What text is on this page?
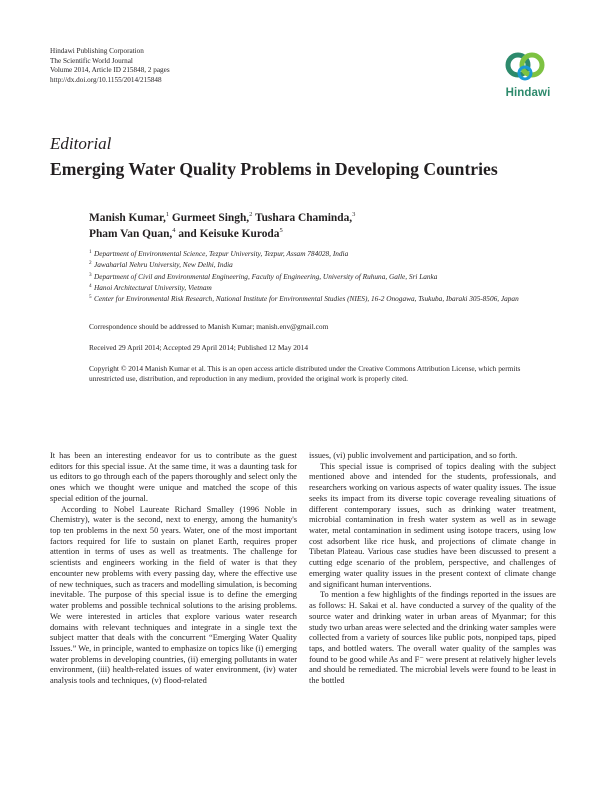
Hindawi Publishing Corporation
The Scientific World Journal
Volume 2014, Article ID 215848, 2 pages
http://dx.doi.org/10.1155/2014/215848
Hindawi
Editorial
Emerging Water Quality Problems in Developing Countries
Manish Kumar,$^1$ Gurmeet Singh,$^2$ Tushara Chaminda,$^3$
Pham Van Quan,$^4$ and Keisuke Kuroda$^5$
1 Department of Environmental Science, Tezpur University, Tezpur, Assam 784028, India
2 Jawaharlal Nehru University, New Delhi, India
3 Department of Civil and Environmental Engineering, Faculty of Engineering, University of Ruhuna, Galle, Sri Lanka
4 Hanoi Architectural University, Vietnam
5 Center for Environmental Risk Research, National Institute for Environmental Studies (NIES), 16-2 Onogawa, Tsukuba, Ibaraki 305-8506, Japan
Correspondence should be addressed to Manish Kumar; manish.env@gmail.com
Received 29 April 2014; Accepted 29 April 2014; Published 12 May 2014
Copyright © 2014 Manish Kumar et al. This is an open access article distributed under the Creative Commons Attribution License, which permits unrestricted use, distribution, and reproduction in any medium, provided the original work is properly cited.

It has been an interesting endeavor for us to contribute as the guest editors for this special issue. At the same time, it was a daunting task for us editors to go through each of the papers thoroughly and select only the ones which we thought were unique and matched the scope of this special edition of the journal.

According to Nobel Laureate Richard Smalley (1996 Noble in Chemistry), water is the second, next to energy, among the humanity's top ten problems in the next 50 years. Water, one of the most important factors required for life to sustain on planet Earth, requires proper attention in terms of uses as well as treatments. The challenge for scientists and engineers working in the field of water is that they encounter new problems with every passing day, where the effective use of new techniques, such as tracers and modelling simulation, is becoming inevitable. The purpose of this special issue is to define the emerging water problems and possible technical solutions to the arising problems. We were interested in articles that explore various water research domains with relevant techniques and integrate in a single text the subject matter that deals with the concurrent “Emerging Water Quality Issues.” We, in principle, wanted to emphasize on topics like (i) emerging water problems in developing countries, (ii) emerging pollutants in water environment, (iii) health-related issues of water environment, (iv) water analysis tools and techniques, (v) flood-related

issues, (vi) public involvement and participation, and so forth.

This special issue is comprised of topics dealing with the subject mentioned above and intended for the students, professionals, and researchers working on various aspects of water quality issues. The issue seeks its impact from its diverse topic coverage revealing situations of different contemporary issues, such as drinking water treatment, microbial contamination in fresh water system as well as in sewage water, metal contamination in sediment using isotope tracers, using low cost adsorbent like rice husk, and projections of climate change in Tibetan Plateau. Various case studies have been discussed to present a cutting edge scenario of the problem, perspective, and challenges of emerging water quality issues in the present context of climate change and significant human interventions.

To mention a few highlights of the findings reported in the issues are as follows: H. Sakai et al. have conducted a survey of the quality of the source water and drinking water in urban areas of Myanmar; for this study two urban areas were selected and the drinking water samples were collected from a variety of sources like public pots, nonpiped taps, piped taps, and bottled waters. The overall water quality of the samples was found to be good while As and F⁻ were present at relatively higher levels and should be remediated. The microbial levels were found to be least in the bottled
